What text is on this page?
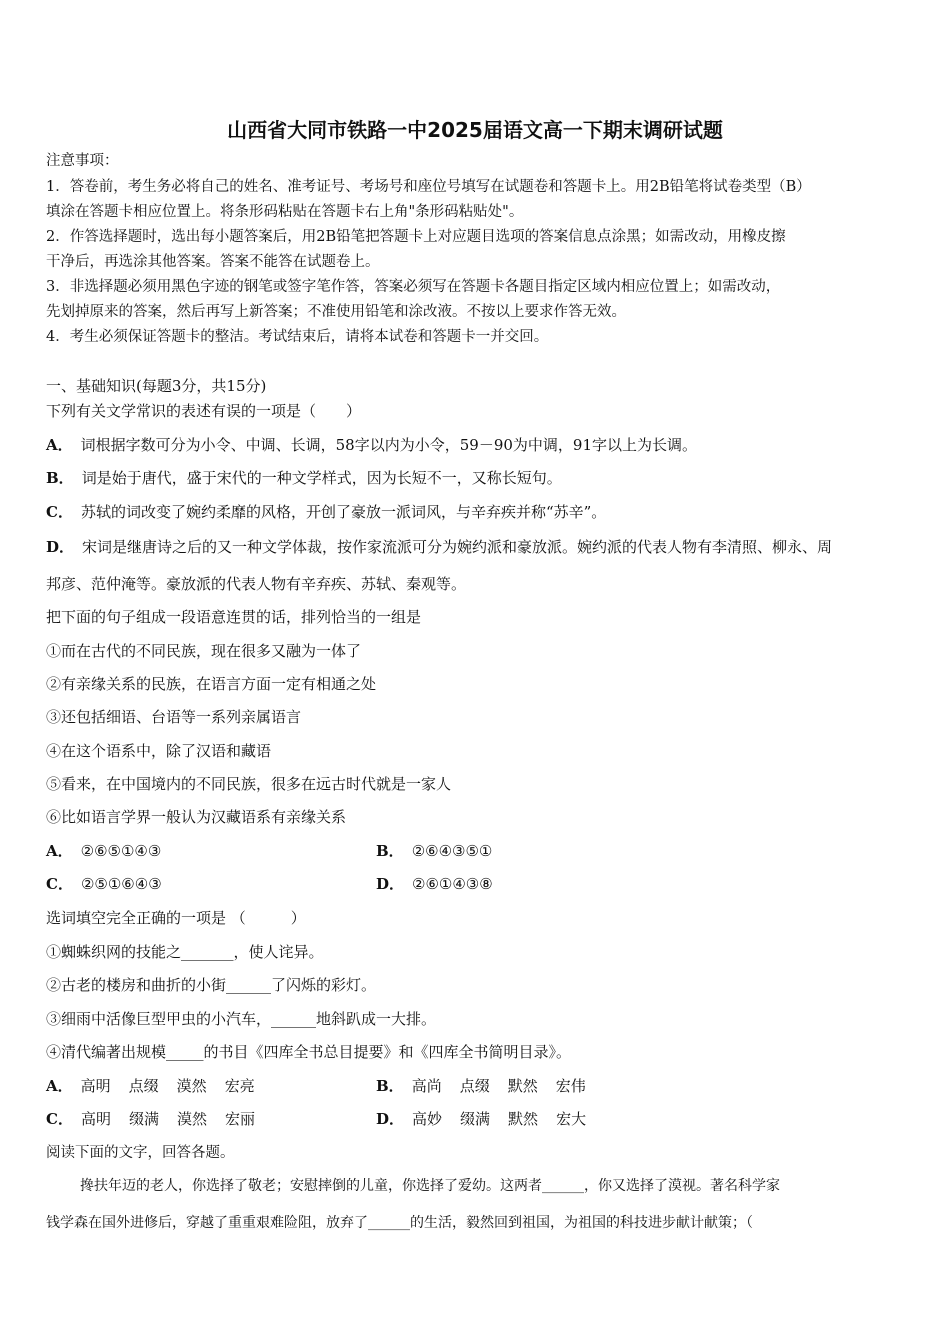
山西省大同市铁路一中2025届语文高一下期末调研试题
注意事项：
1．答卷前，考生务必将自己的姓名、准考证号、考场号和座位号填写在试题卷和答题卡上。用2B铅笔将试卷类型（B）
填涂在答题卡相应位置上。将条形码粘贴在答题卡右上角"条形码粘贴处"。
2．作答选择题时，选出每小题答案后，用2B铅笔把答题卡上对应题目选项的答案信息点涂黑；如需改动，用橡皮擦
干净后，再选涂其他答案。答案不能答在试题卷上。
3．非选择题必须用黑色字迹的钢笔或签字笔作答，答案必须写在答题卡各题目指定区域内相应位置上；如需改动，
先划掉原来的答案，然后再写上新答案；不准使用铅笔和涂改液。不按以上要求作答无效。
4．考生必须保证答题卡的整洁。考试结束后，请将本试卷和答题卡一并交回。
一、基础知识(每题3分，共15分)
下列有关文学常识的表述有误的一项是（　　）
A． 词根据字数可分为小令、中调、长调，58字以内为小令，59－90为中调，91字以上为长调。
B． 词是始于唐代，盛于宋代的一种文学样式，因为长短不一，又称长短句。
C． 苏轼的词改变了婉约柔靡的风格，开创了豪放一派词风，与辛弃疾并称“苏辛”。
D． 宋词是继唐诗之后的又一种文学体裁，按作家流派可分为婉约派和豪放派。婉约派的代表人物有李清照、柳永、周
邦彦、范仲淹等。豪放派的代表人物有辛弃疾、苏轼、秦观等。
把下面的句子组成一段语意连贯的话，排列恰当的一组是
①而在古代的不同民族，现在很多又融为一体了
②有亲缘关系的民族，在语言方面一定有相通之处
③还包括细语、台语等一系列亲属语言
④在这个语系中，除了汉语和藏语
⑤看来，在中国境内的不同民族，很多在远古时代就是一家人
⑥比如语言学界一般认为汉藏语系有亲缘关系
A． ②⑥⑤①④③	B． ②⑥④③⑤①
C． ②⑤①⑥④③	D． ②⑥①④③⑧
选词填空完全正确的一项是 （　　　）
①蜘蛛织网的技能之_______，使人诧异。
②古老的楼房和曲折的小街______了闪烁的彩灯。
③细雨中活像巨型甲虫的小汽车，______地斜趴成一大排。
④清代编著出规模_____的书目《四库全书总目提要》和《四库全书简明目录》。
A． 高明 点缀 漠然 宏亮	B． 高尚 点缀 默然 宏伟
C． 高明 缀满 漠然 宏丽	D． 高妙 缀满 默然 宏大
阅读下面的文字，回答各题。
搀扶年迈的老人，你选择了敬老；安慰摔倒的儿童，你选择了爱幼。这两者______，你又选择了漠视。著名科学家
钱学森在国外进修后，穿越了重重艰难险阻，放弃了______的生活，毅然回到祖国，为祖国的科技进步献计献策；（
